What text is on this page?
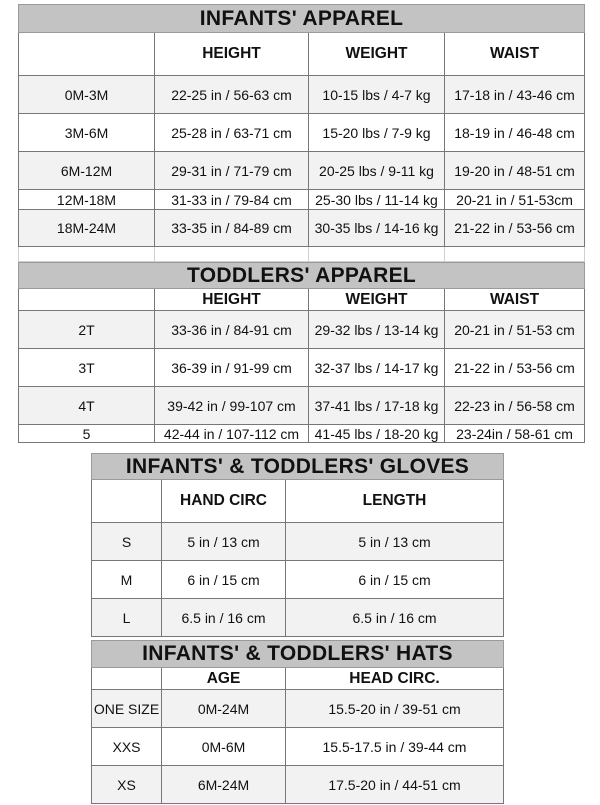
INFANTS' APPAREL			
	HEIGHT	WEIGHT	WAIST
0M-3M	22-25 in / 56-63 cm	10-15 lbs / 4-7 kg	17-18 in / 43-46 cm
3M-6M	25-28 in / 63-71 cm	15-20 lbs / 7-9 kg	18-19 in / 46-48 cm
6M-12M	29-31 in / 71-79 cm	20-25 lbs / 9-11 kg	19-20 in / 48-51 cm
12M-18M	31-33 in / 79-84 cm	25-30 lbs / 11-14 kg	20-21 in / 51-53cm
18M-24M	33-35 in / 84-89 cm	30-35 lbs / 14-16 kg	21-22 in / 53-56 cm

TODDLERS' APPAREL			
	HEIGHT	WEIGHT	WAIST
2T	33-36 in / 84-91 cm	29-32 lbs / 13-14 kg	20-21 in / 51-53 cm
3T	36-39 in / 91-99 cm	32-37 lbs / 14-17 kg	21-22 in / 53-56 cm
4T	39-42 in / 99-107 cm	37-41 lbs / 17-18 kg	22-23 in / 56-58 cm
5	42-44 in / 107-112 cm	41-45 lbs / 18-20 kg	23-24in / 58-61 cm
INFANTS' & TODDLERS' GLOVES		
	HAND CIRC	LENGTH
S	5 in / 13 cm	5 in / 13 cm
M	6 in / 15 cm	6 in / 15 cm
L	6.5 in / 16 cm	6.5 in / 16 cm
INFANTS' & TODDLERS' HATS		
	AGE	HEAD CIRC.
ONE SIZE	0M-24M	15.5-20 in / 39-51 cm
XXS	0M-6M	15.5-17.5 in / 39-44 cm
XS	6M-24M	17.5-20 in / 44-51 cm
